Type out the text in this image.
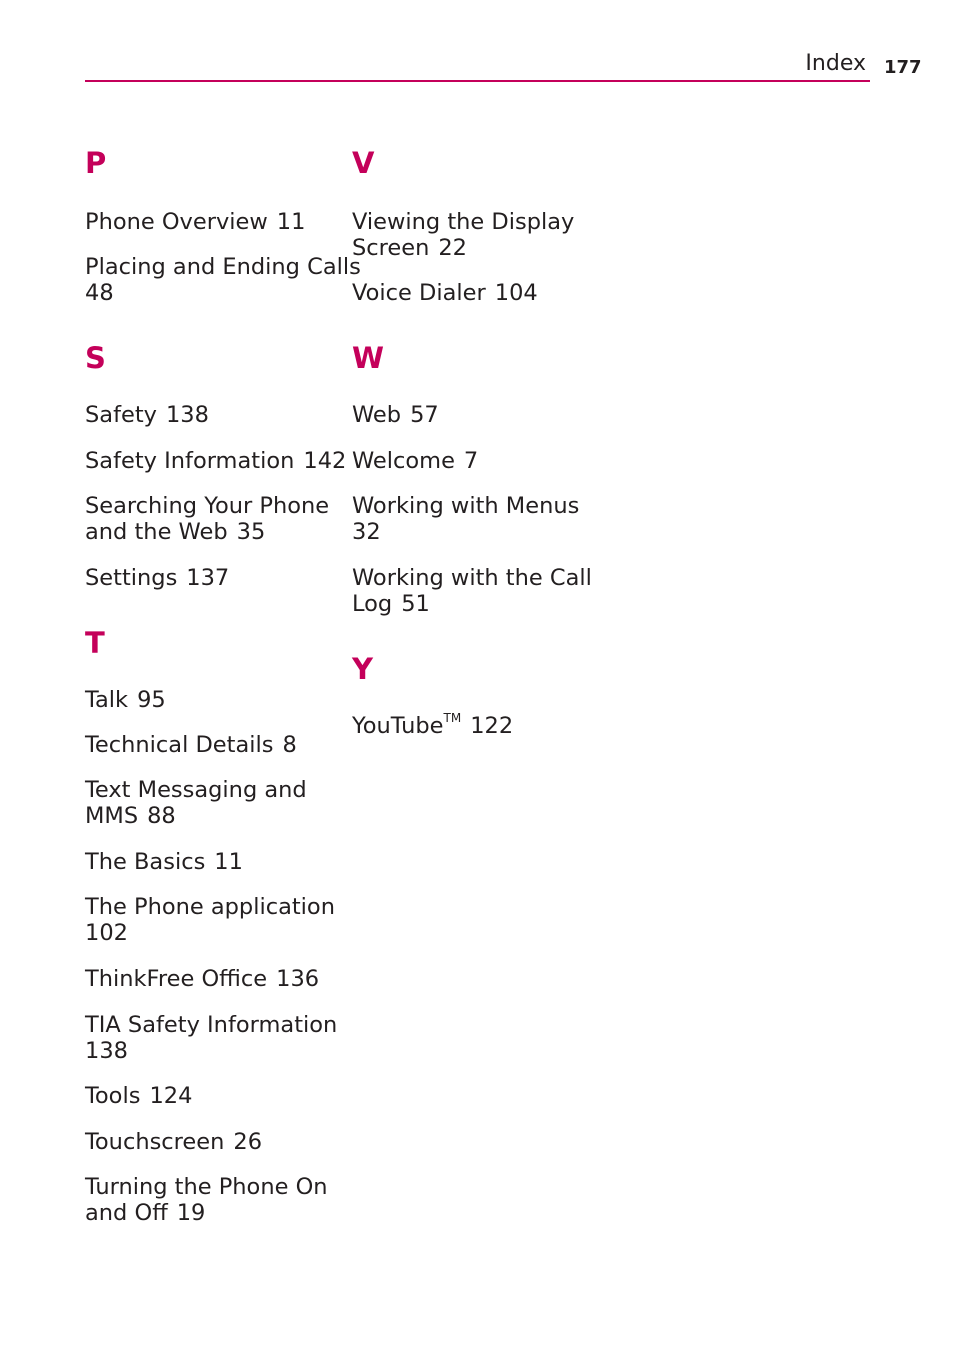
Index 177
P
Phone Overview 11
Placing and Ending Calls
48
S
Safety 138
Safety Information 142
Searching Your Phone
and the Web 35
Settings 137
T
Talk 95
Technical Details 8
Text Messaging and
MMS 88
The Basics 11
The Phone application
102
ThinkFree Office 136
TIA Safety Information
138
Tools 124
Touchscreen 26
Turning the Phone On
and Off 19
V
Viewing the Display
Screen 22
Voice Dialer 104
W
Web 57
Welcome 7
Working with Menus
32
Working with the Call
Log 51
Y
YouTube™ 122
